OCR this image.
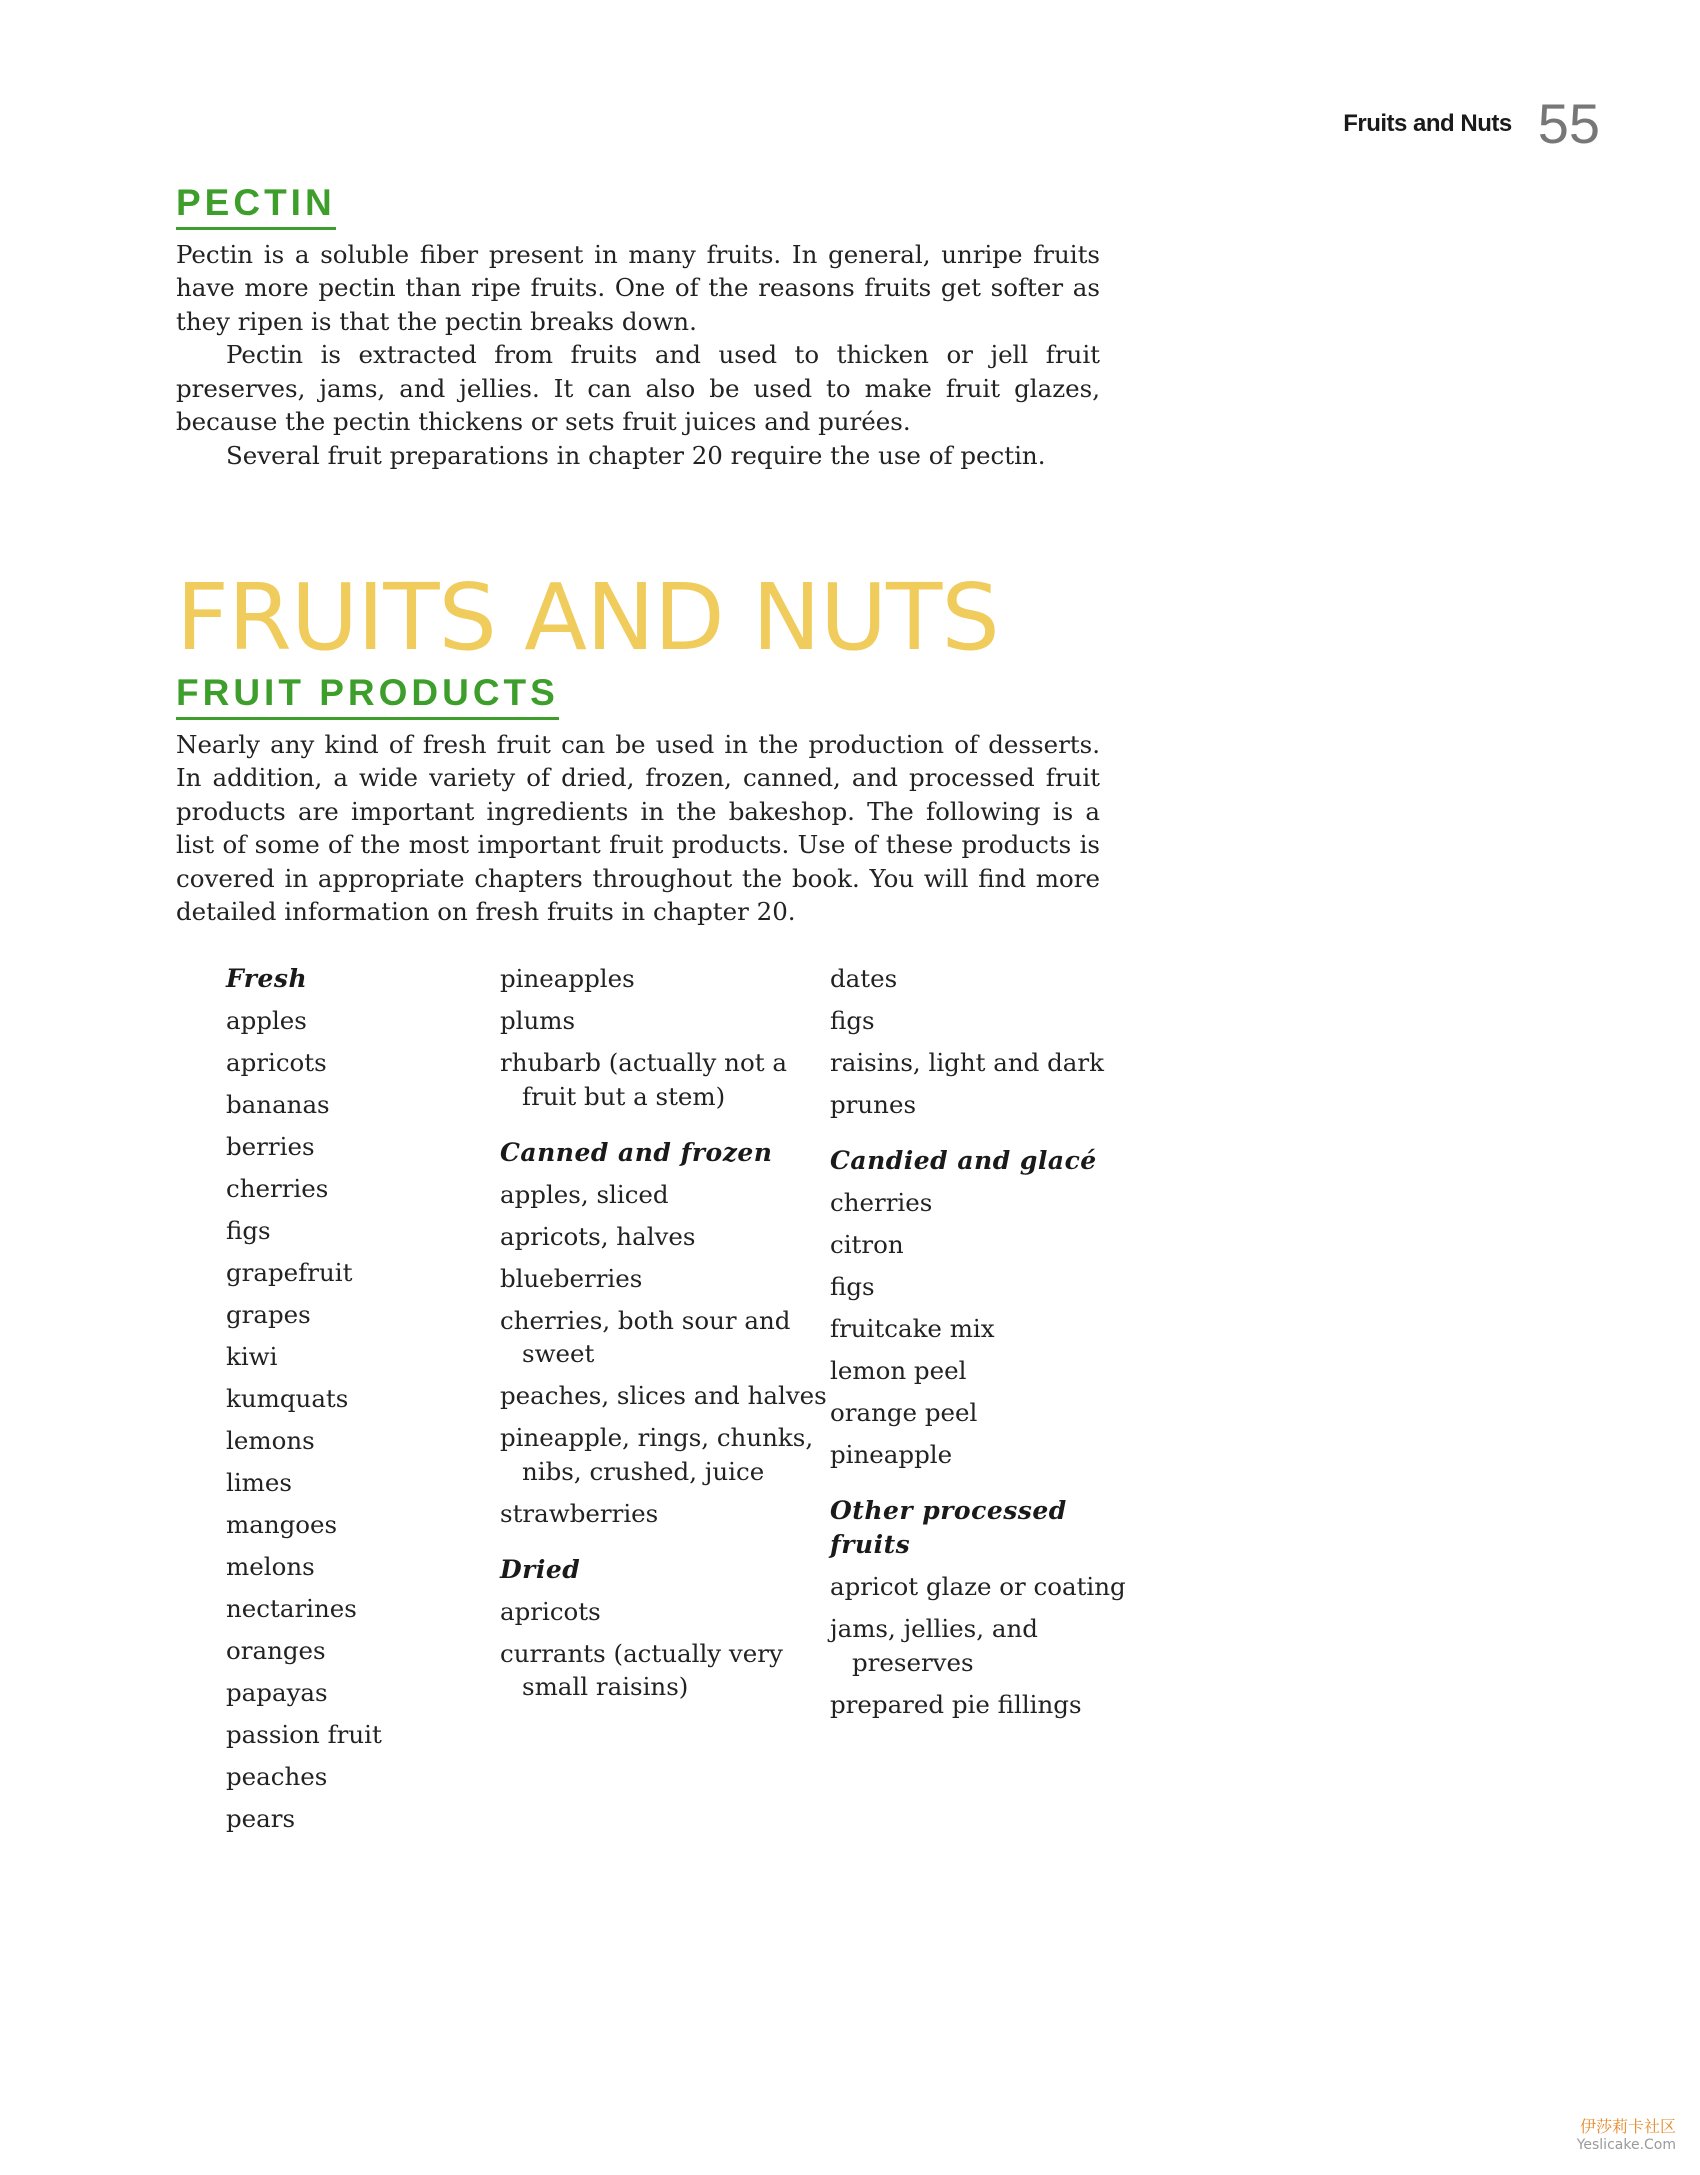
Fruits and Nuts 55
PECTIN

Pectin is a soluble fiber present in many fruits. In general, unripe fruits have more pectin than ripe fruits. One of the reasons fruits get softer as they ripen is that the pectin breaks down.

Pectin is extracted from fruits and used to thicken or jell fruit preserves, jams, and jellies. It can also be used to make fruit glazes, because the pectin thickens or sets fruit juices and purées.

Several fruit preparations in chapter 20 require the use of pectin.

FRUITS AND NUTS
FRUIT PRODUCTS

Nearly any kind of fresh fruit can be used in the production of desserts. In addition, a wide variety of dried, frozen, canned, and processed fruit products are important ingredients in the bakeshop. The following is a list of some of the most important fruit products. Use of these products is covered in appropriate chapters throughout the book. You will find more detailed information on fresh fruits in chapter 20.

Fresh
apples
apricots
bananas
berries
cherries
figs
grapefruit
grapes
kiwi
kumquats
lemons
limes
mangoes
melons
nectarines
oranges
papayas
passion fruit
peaches
pears
pineapples
plums
rhubarb (actually not a fruit but a stem)
Canned and frozen
apples, sliced
apricots, halves
blueberries
cherries, both sour and sweet
peaches, slices and halves
pineapple, rings, chunks, nibs, crushed, juice
strawberries
Dried
apricots
currants (actually very small raisins)
dates
figs
raisins, light and dark
prunes
Candied and glacé
cherries
citron
figs
fruitcake mix
lemon peel
orange peel
pineapple
Other processed fruits
apricot glaze or coating
jams, jellies, and preserves
prepared pie fillings
伊莎莉卡社区
Yeslicake.Com
